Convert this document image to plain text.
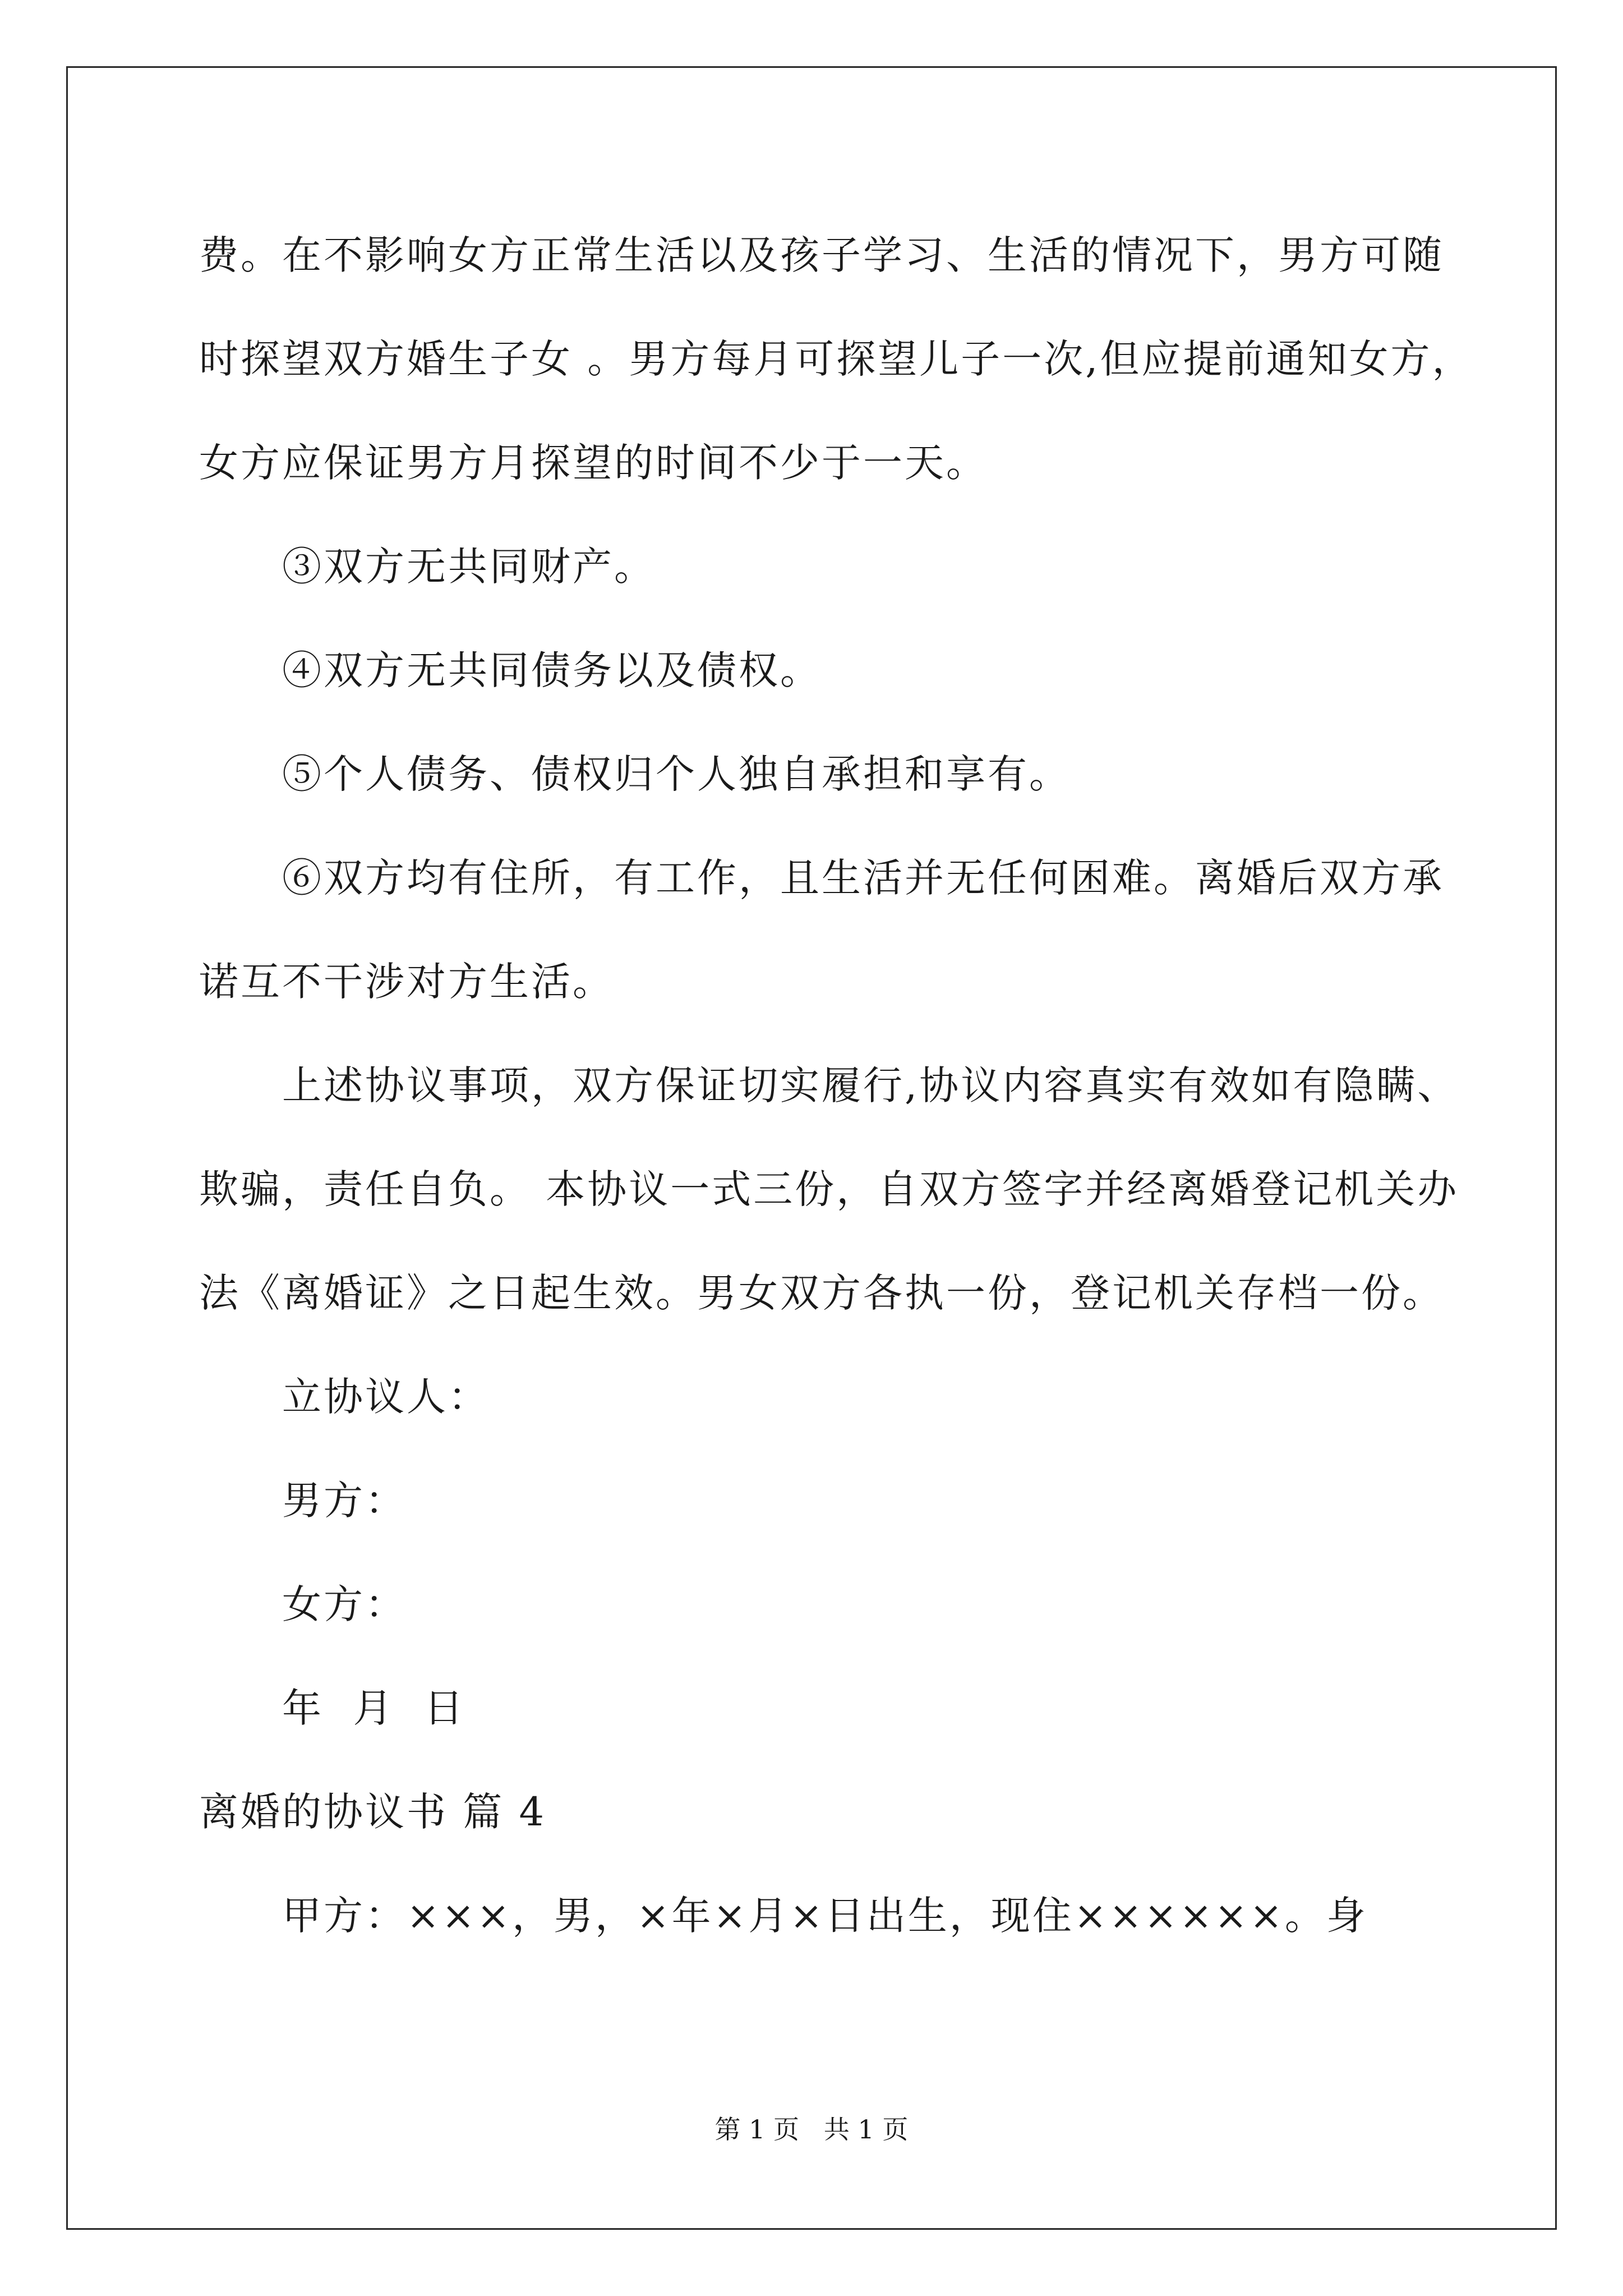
费。在不影响女方正常生活以及孩子学习、生活的情况下，男方可随
时探望双方婚生子女 。男方每月可探望儿子一次,但应提前通知女方，
女方应保证男方月探望的时间不少于一天。
③双方无共同财产。
④双方无共同债务以及债权。
⑤个人债务、债权归个人独自承担和享有。
⑥双方均有住所，有工作，且生活并无任何困难。离婚后双方承
诺互不干涉对方生活。
上述协议事项，双方保证切实履行,协议内容真实有效如有隐瞒、
欺骗，责任自负。 本协议一式三份，自双方签字并经离婚登记机关办
法《离婚证》之日起生效。男女双方各执一份，登记机关存档一份。
立协议人：
男方：
女方：
年  月  日
离婚的协议书 篇 4
甲方：×××，男，×年×月×日出生，现住××××××。身
第 1 页   共 1 页
